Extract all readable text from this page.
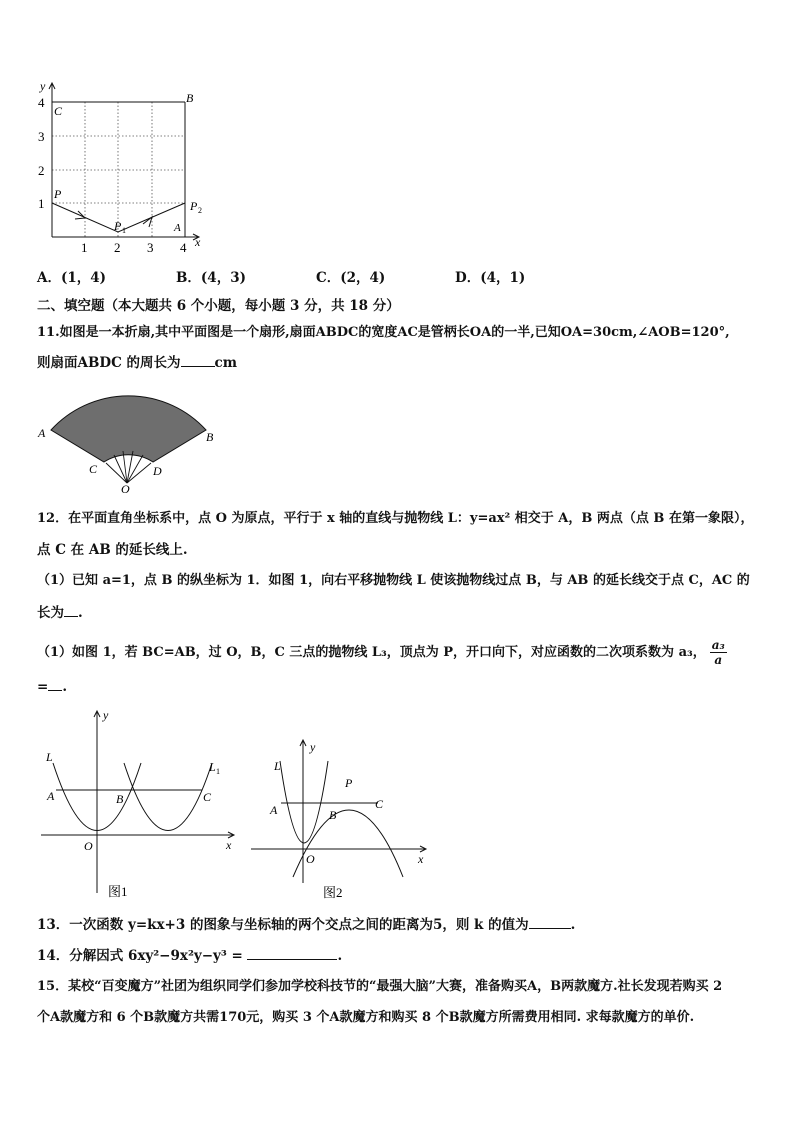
y
x
4
3
2
1
1 2 3 4
C
B
P
P 2
P 1	A
A．(1，4)	B．(4，3)	C．(2，4)	D．(4，1)
二、填空题（本大题共 6 个小题，每小题 3 分，共 18 分）
11.如图是一本折扇,其中平面图是一个扇形,扇面ABDC的宽度AC是管柄长OA的一半,已知OA=30cm,∠AOB=120°,
则扇面ABDC 的周长为	cm
A	B
C	D
O
12．在平面直角坐标系中，点 O 为原点，平行于 x 轴的直线与抛物线 L：y=ax² 相交于 A，B 两点（点 B 在第一象限），
点 C 在 AB 的延长线上.
（1）已知 a=1，点 B 的纵坐标为 1．如图 1，向右平移抛物线 L 使该抛物线过点 B，与 AB 的延长线交于点 C，AC 的
长为 .
（1）如图 1，若 BC=AB，过 O，B，C 三点的抛物线 L₃，顶点为 P，开口向下，对应函数的二次项系数为 a₃， $\frac{\text{a₃}}{a}$
= .
y
x
L
L 1
A	B	C
O
图1
y
x
L
P
A	B
C
O
图2
13．一次函数 y=kx+3 的图象与坐标轴的两个交点之间的距离为5，则 k 的值为	.
14．分解因式 6xy²−9x²y−y³ =	.
15．某校“百变魔方”社团为组织同学们参加学校科技节的“最强大脑”大赛，准备购买A，B两款魔方.社长发现若购买 2
个A款魔方和 6 个B款魔方共需170元，购买 3 个A款魔方和购买 8 个B款魔方所需费用相同. 求每款魔方的单价.
